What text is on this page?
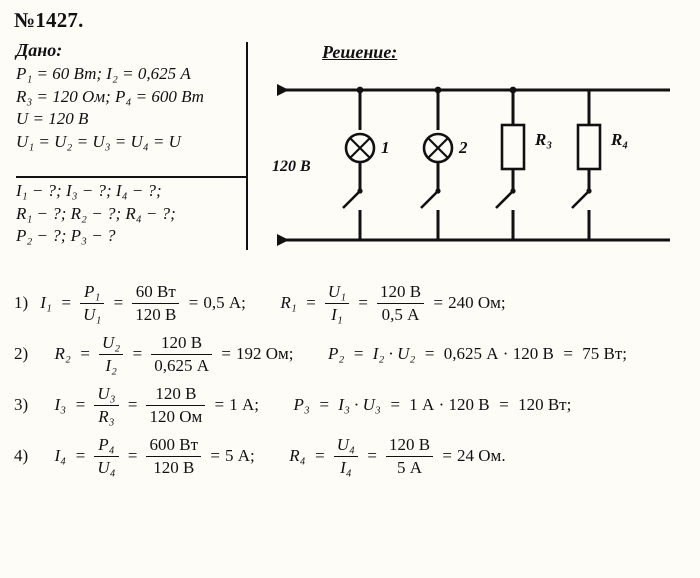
№1427.
Дано:
P₁ = 60 Вт; I₂ = 0,625 А
R₃ = 120 Ом; P₄ = 600 Вт
U = 120 В
U₁ = U₂ = U₃ = U₄ = U
I₁ − ?; I₃ − ?; I₄ − ?;
R₁ − ?; R₂ − ?; R₄ − ?;
P₂ − ?; P₃ − ?
Решение:
120 В
1	2	R₃	R₄
1) $I_1 = \frac{\text{P₁}}{\text{U₁}} = \frac{60 Вт}{120 В} = 0,5$ А; $R_1 = \frac{\text{U₁}}{\text{I₁}} = \frac{120 В}{0,5 А} = 240$ Ом;
2) $R_2 = \frac{\text{U₂}}{\text{I₂}} = \frac{120 В}{0,625 А} = 192$ Ом; P₂  =  I₂ · U₂  =  0,625 А · 120 В  =  75 Вт;
3) $I_3 = \frac{\text{U₃}}{\text{R₃}} = \frac{120 В}{120 Ом} = 1$ А; P₃  =  I₃ · U₃  =  1 А · 120 В  =  120 Вт;
4) $I_4 = \frac{\text{P₄}}{\text{U₄}} = \frac{600 Вт}{120 В} = 5$ А; $R_4 = \frac{\text{U₄}}{\text{I₄}} = \frac{120 В}{5 А} = 24$ Ом.
